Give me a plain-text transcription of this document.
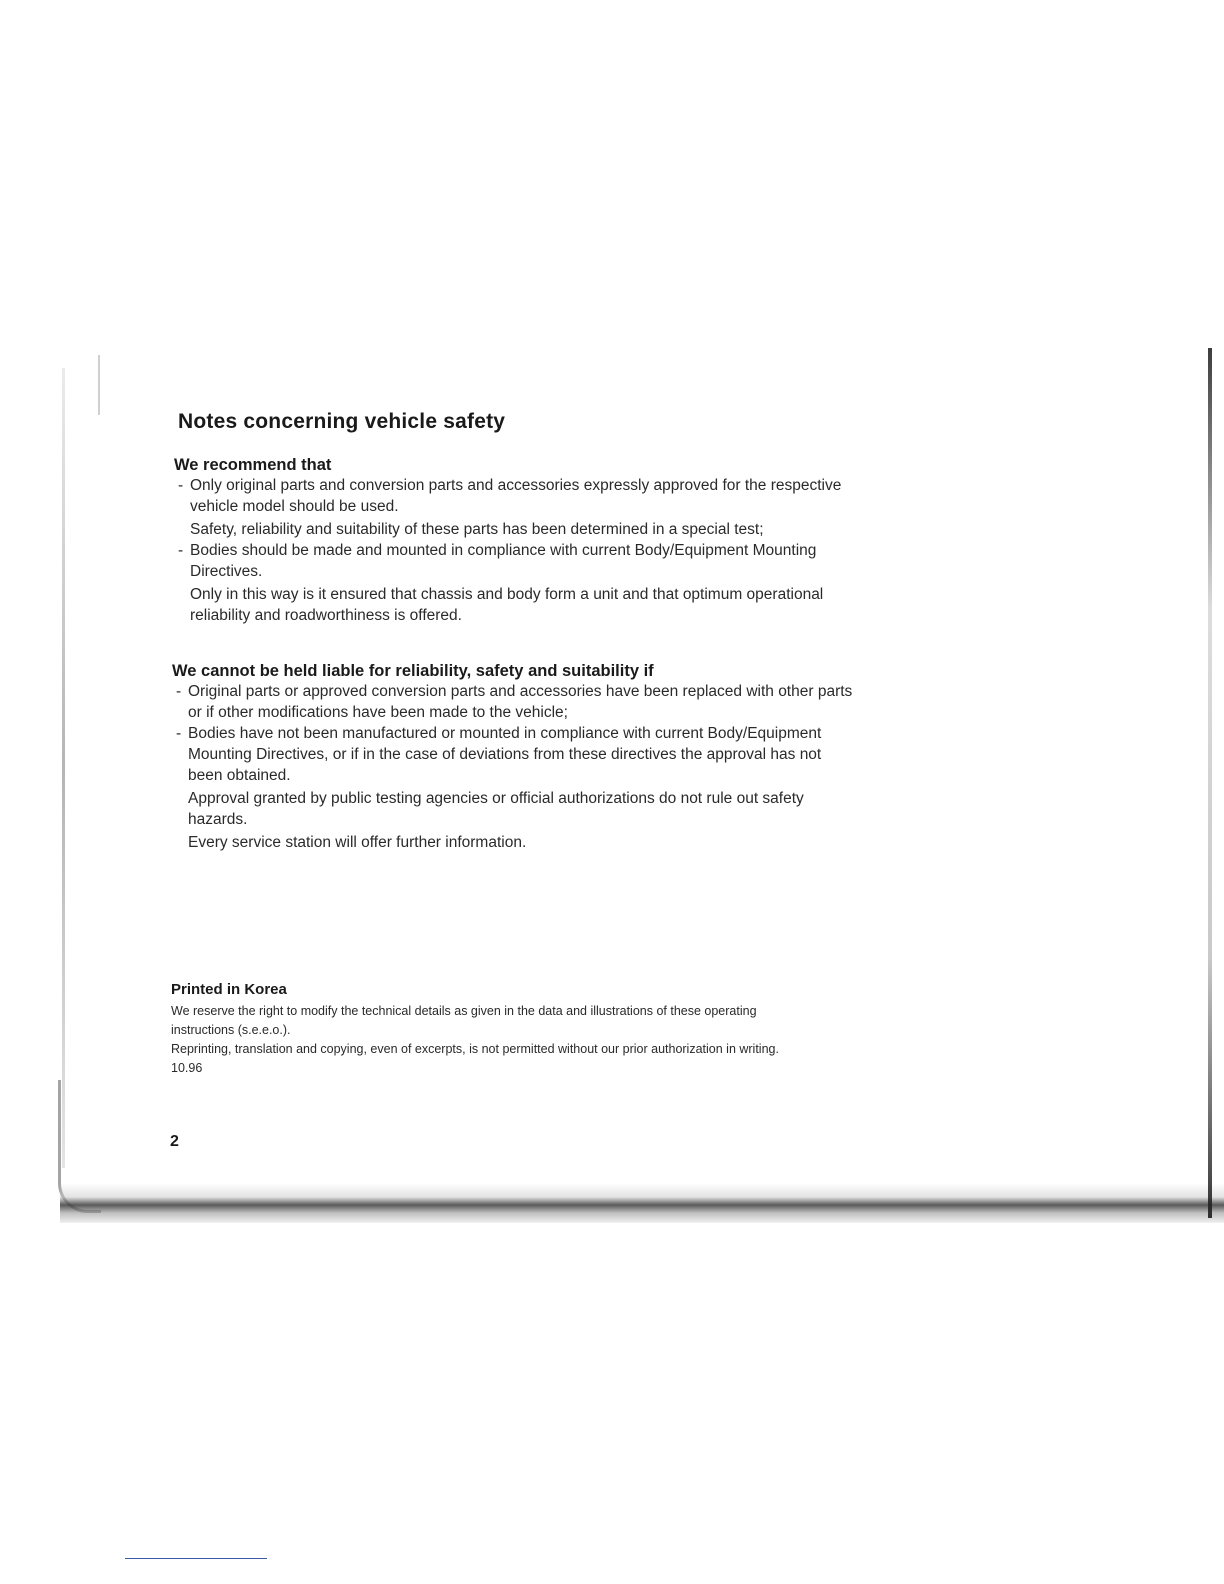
Notes concerning vehicle safety
We recommend that

- Only original parts and conversion parts and accessories expressly approved for the respective vehicle model should be used.

Safety, reliability and suitability of these parts has been determined in a special test;

- Bodies should be made and mounted in compliance with current Body/Equipment Mounting Directives.

Only in this way is it ensured that chassis and body form a unit and that optimum operational reliability and roadworthiness is offered.

We cannot be held liable for reliability, safety and suitability if

- Original parts or approved conversion parts and accessories have been replaced with other parts or if other modifications have been made to the vehicle;

- Bodies have not been manufactured or mounted in compliance with current Body/Equipment Mounting Directives, or if in the case of deviations from these directives the approval has not been obtained.

Approval granted by public testing agencies or official authorizations do not rule out safety hazards.

Every service station will offer further information.

Printed in Korea

We reserve the right to modify the technical details as given in the data and illustrations of these operating instructions (s.e.e.o.).

Reprinting, translation and copying, even of excerpts, is not permitted without our prior authorization in writing.

10.96

2
